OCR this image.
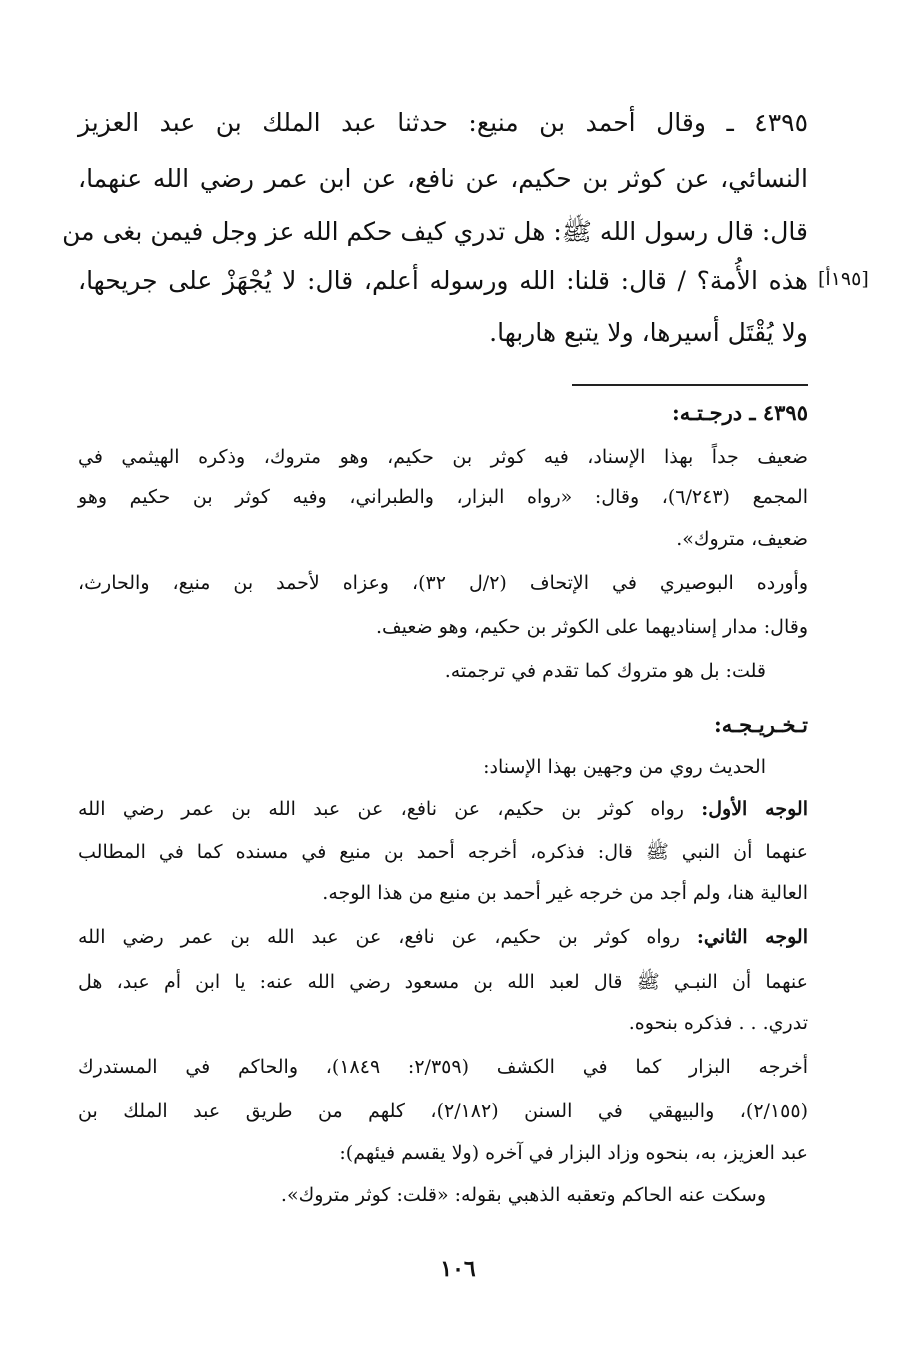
٤٣٩٥ ـ وقال أحمد بن منيع: حدثنا عبد الملك بن عبد العزيز
النسائي، عن كوثر بن حكيم، عن نافع، عن ابن عمر رضي الله عنهما،
قال: قال رسول الله ﷺ: هل تدري كيف حكم الله عز وجل فيمن بغى من
هذه الأُمة؟ / قال: قلنا: الله ورسوله أعلم، قال: لا يُجْهَزْ على جريحها،
ولا يُقْتَل أسيرها، ولا يتبع هاربها.
[١٩٥أ]
٤٣٩٥ ـ درجـتـه:
ضعيف جداً بهذا الإسناد، فيه كوثر بن حكيم، وهو متروك، وذكره الهيثمي في
المجمع (٦/٢٤٣)، وقال: «رواه البزار، والطبراني، وفيه كوثر بن حكيم وهو
ضعيف، متروك».
وأورده البوصيري في الإتحاف (٢/ل ٣٢)، وعزاه لأحمد بن منيع، والحارث،
وقال: مدار إسناديهما على الكوثر بن حكيم، وهو ضعيف.
قلت: بل هو متروك كما تقدم في ترجمته.
تـخـريـجـه:
الحديث روي من وجهين بهذا الإسناد:
الوجه الأول: رواه كوثر بن حكيم، عن نافع، عن عبد الله بن عمر رضي الله
عنهما أن النبي ﷺ قال: فذكره، أخرجه أحمد بن منيع في مسنده كما في المطالب
العالية هنا، ولم أجد من خرجه غير أحمد بن منيع من هذا الوجه.
الوجه الثاني: رواه كوثر بن حكيم، عن نافع، عن عبد الله بن عمر رضي الله
عنهما أن النبـي ﷺ قال لعبد الله بن مسعود رضي الله عنه: يا ابن أم عبد، هل
تدري. . . فذكره بنحوه.
أخرجه البزار كما في الكشف (٢/٣٥٩: ١٨٤٩)، والحاكم في المستدرك
(٢/١٥٥)، والبيهقي في السنن (٢/١٨٢)، كلهم من طريق عبد الملك بن
عبد العزيز، به، بنحوه وزاد البزار في آخره (ولا يقسم فيئهم):
وسكت عنه الحاكم وتعقبه الذهبي بقوله: «قلت: كوثر متروك».
١٠٦
